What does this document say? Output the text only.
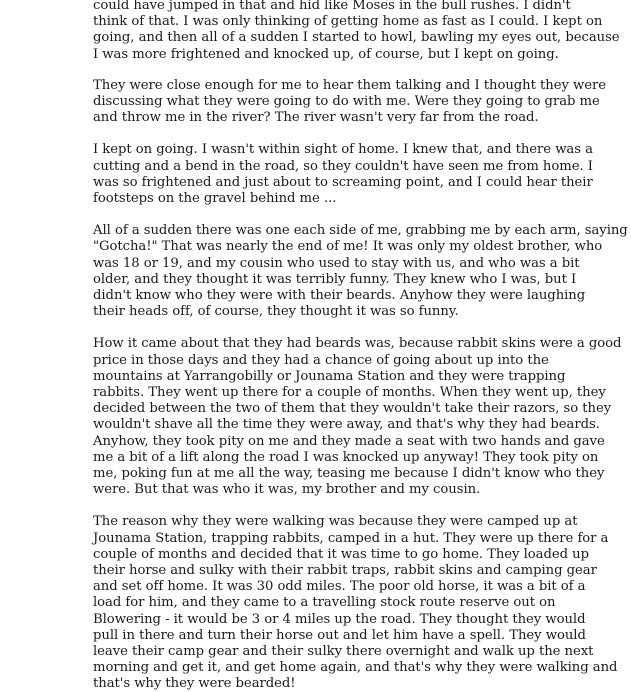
could have jumped in that and hid like Moses in the bull rushes. I didn't
think of that. I was only thinking of getting home as fast as I could. I kept on
going, and then all of a sudden I started to howl, bawling my eyes out, because
I was more frightened and knocked up, of course, but I kept on going.
They were close enough for me to hear them talking and I thought they were
discussing what they were going to do with me. Were they going to grab me
and throw me in the river? The river wasn't very far from the road.
I kept on going. I wasn't within sight of home. I knew that, and there was a
cutting and a bend in the road, so they couldn't have seen me from home. I
was so frightened and just about to screaming point, and I could hear their
footsteps on the gravel behind me ...
All of a sudden there was one each side of me, grabbing me by each arm, saying
"Gotcha!" That was nearly the end of me! It was only my oldest brother, who
was 18 or 19, and my cousin who used to stay with us, and who was a bit
older, and they thought it was terribly funny. They knew who I was, but I
didn't know who they were with their beards. Anyhow they were laughing
their heads off, of course, they thought it was so funny.
How it came about that they had beards was, because rabbit skins were a good
price in those days and they had a chance of going about up into the
mountains at Yarrangobilly or Jounama Station and they were trapping
rabbits. They went up there for a couple of months. When they went up, they
decided between the two of them that they wouldn't take their razors, so they
wouldn't shave all the time they were away, and that's why they had beards.
Anyhow, they took pity on me and they made a seat with two hands and gave
me a bit of a lift along the road I was knocked up anyway! They took pity on
me, poking fun at me all the way, teasing me because I didn't know who they
were. But that was who it was, my brother and my cousin.
The reason why they were walking was because they were camped up at
Jounama Station, trapping rabbits, camped in a hut. They were up there for a
couple of months and decided that it was time to go home. They loaded up
their horse and sulky with their rabbit traps, rabbit skins and camping gear
and set off home. It was 30 odd miles. The poor old horse, it was a bit of a
load for him, and they came to a travelling stock route reserve out on
Blowering - it would be 3 or 4 miles up the road. They thought they would
pull in there and turn their horse out and let him have a spell. They would
leave their camp gear and their sulky there overnight and walk up the next
morning and get it, and get home again, and that's why they were walking and
that's why they were bearded!
